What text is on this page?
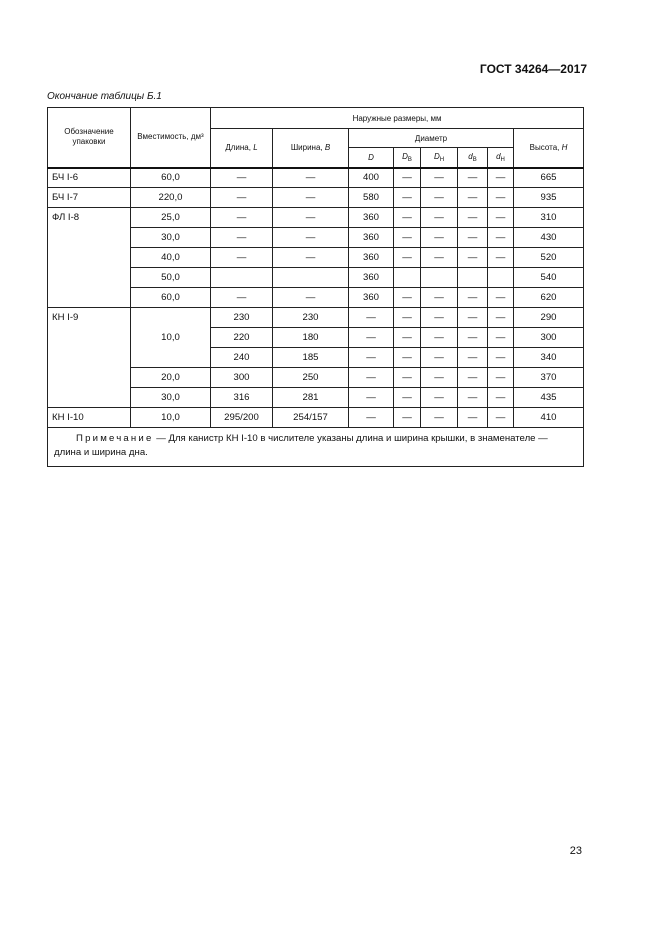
ГОСТ 34264—2017
Окончание таблицы Б.1
Обозначение упаковки	Вместимость, дм³	Наружные размеры, мм							
		Длина, L	Ширина, B	Диаметр					Высота, H
				D	$D_В$	$D_Н$	$d_В$	$d_Н$
БЧ I-6	60,0	—	—	400	—	—	—	—	665
БЧ I-7	220,0	—	—	580	—	—	—	—	935
ФЛ I-8	25,0	—	—	360	—	—	—	—	310
	30,0	—	—	360	—	—	—	—	430
	40,0	—	—	360	—	—	—	—	520
	50,0			360					540
	60,0	—	—	360	—	—	—	—	620
КН I-9	10,0	230	230	—	—	—	—	—	290
		220	180	—	—	—	—	—	300
		240	185	—	—	—	—	—	340
	20,0	300	250	—	—	—	—	—	370
	30,0	316	281	—	—	—	—	—	435
КН I-10	10,0	295/200	254/157	—	—	—	—	—	410
Примечание — Для канистр КН I-10 в числителе указаны длина и ширина крышки, в знаменателе — длина и ширина дна.									
23
